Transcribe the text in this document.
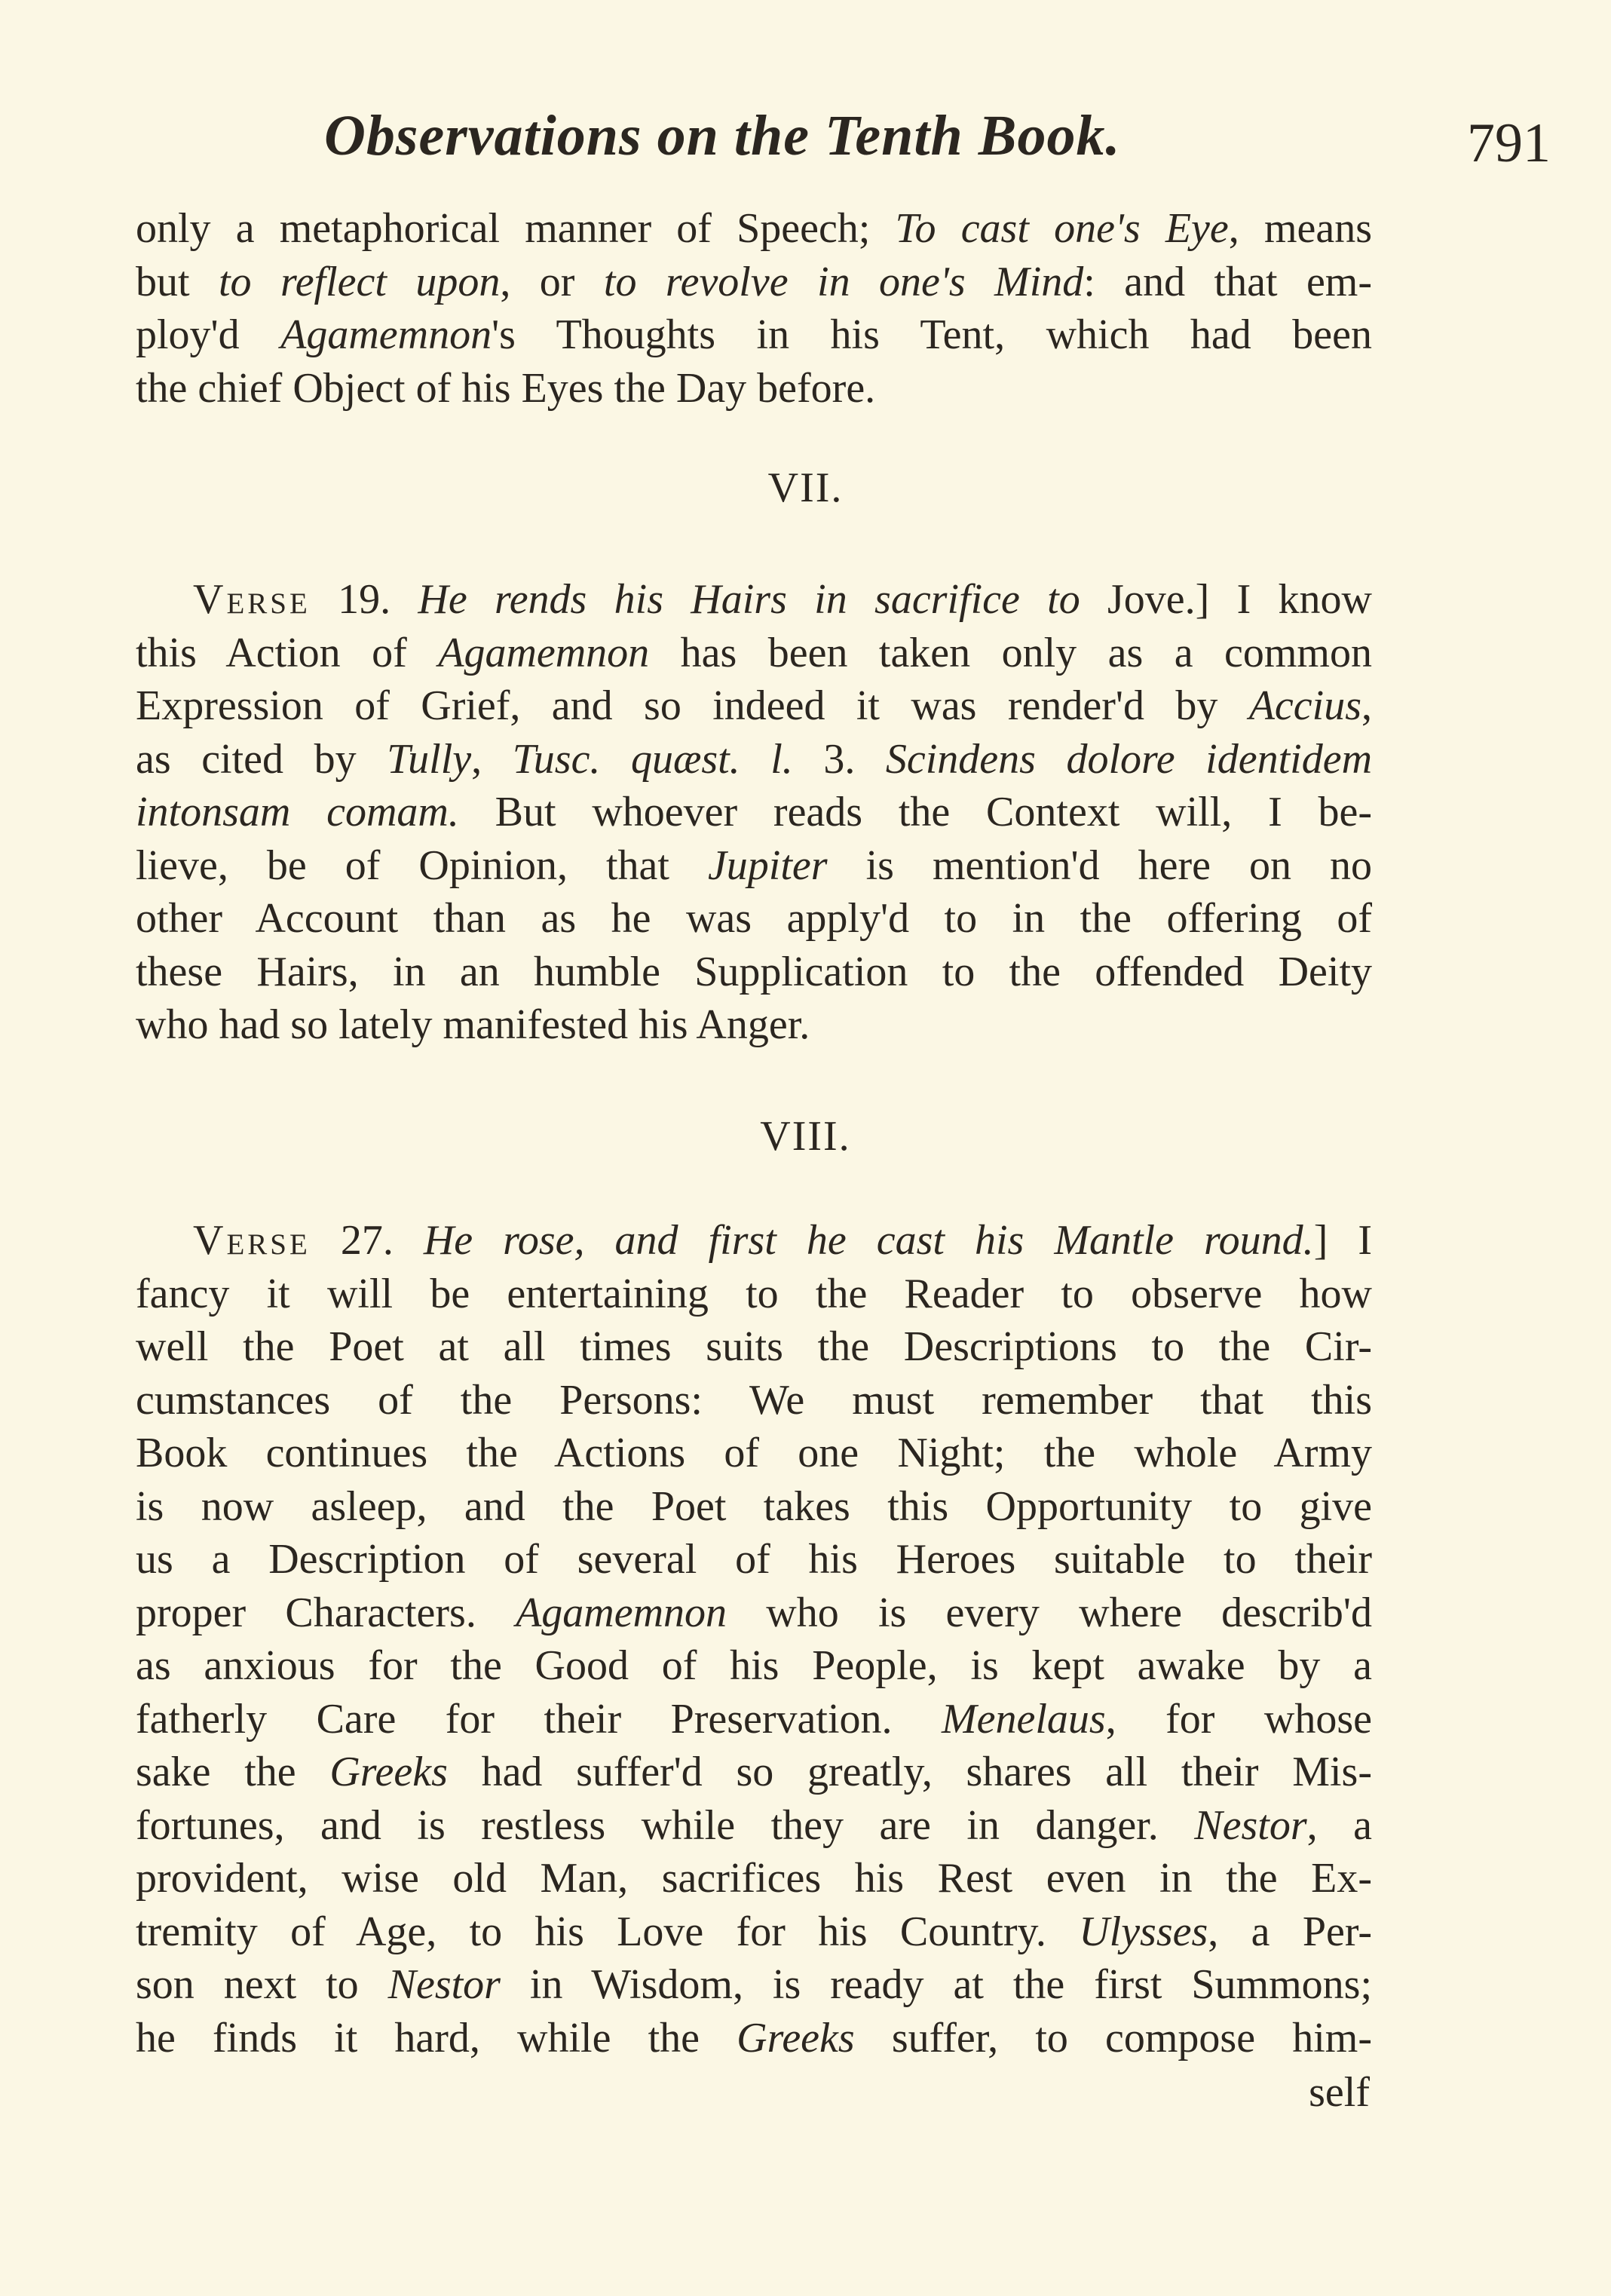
Observations on the Tenth Book.	791
only a metaphorical manner of Speech; To cast one's Eye, means
but to reflect upon, or to revolve in one's Mind: and that em-
ploy'd Agamemnon's Thoughts in his Tent, which had been
the chief Object of his Eyes the Day before.
VII.
Verse 19. He rends his Hairs in sacrifice to Jove.] I know
this Action of Agamemnon has been taken only as a common
Expression of Grief, and so indeed it was render'd by Accius,
as cited by Tully, Tusc. quæst. l. 3. Scindens dolore identidem
intonsam comam. But whoever reads the Context will, I be-
lieve, be of Opinion, that Jupiter is mention'd here on no
other Account than as he was apply'd to in the offering of
these Hairs, in an humble Supplication to the offended Deity
who had so lately manifested his Anger.
VIII.
Verse 27. He rose, and first he cast his Mantle round.] I
fancy it will be entertaining to the Reader to observe how
well the Poet at all times suits the Descriptions to the Cir-
cumstances of the Persons: We must remember that this
Book continues the Actions of one Night; the whole Army
is now asleep, and the Poet takes this Opportunity to give
us a Description of several of his Heroes suitable to their
proper Characters. Agamemnon who is every where describ'd
as anxious for the Good of his People, is kept awake by a
fatherly Care for their Preservation. Menelaus, for whose
sake the Greeks had suffer'd so greatly, shares all their Mis-
fortunes, and is restless while they are in danger. Nestor, a
provident, wise old Man, sacrifices his Rest even in the Ex-
tremity of Age, to his Love for his Country. Ulysses, a Per-
son next to Nestor in Wisdom, is ready at the first Summons;
he finds it hard, while the Greeks suffer, to compose him-
self
